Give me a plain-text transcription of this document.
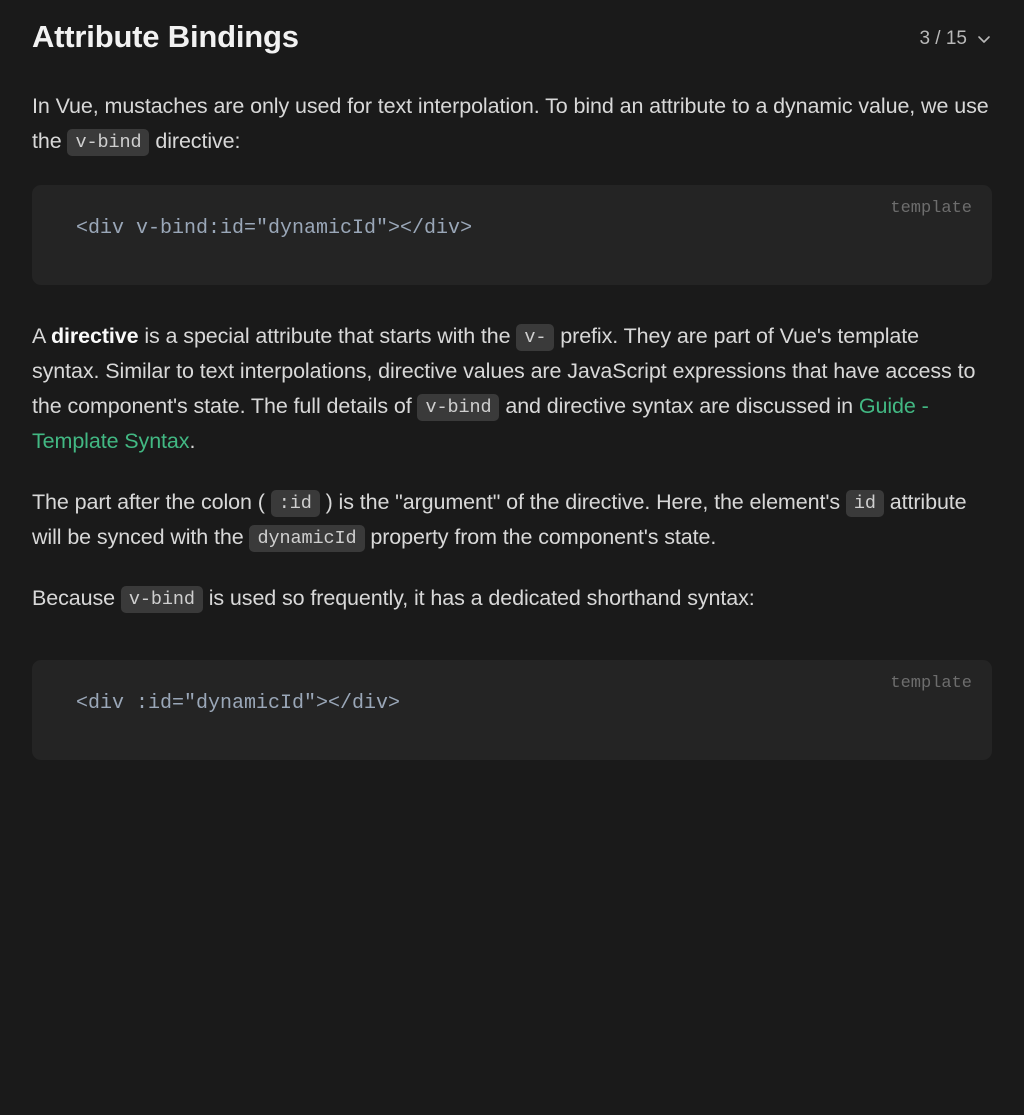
Attribute Bindings	3 / 15

In Vue, mustaches are only used for text interpolation. To bind an attribute to a dynamic value, we use the v-bind directive:

template
<div v-bind:id="dynamicId"></div>

A directive is a special attribute that starts with the v- prefix. They are part of Vue's template syntax. Similar to text interpolations, directive values are JavaScript expressions that have access to the component's state. The full details of v-bind and directive syntax are discussed in Guide - Template Syntax.

The part after the colon ( :id ) is the "argument" of the directive. Here, the element's id attribute will be synced with the dynamicId property from the component's state.

Because v-bind is used so frequently, it has a dedicated shorthand syntax:

template
<div :id="dynamicId"></div>
